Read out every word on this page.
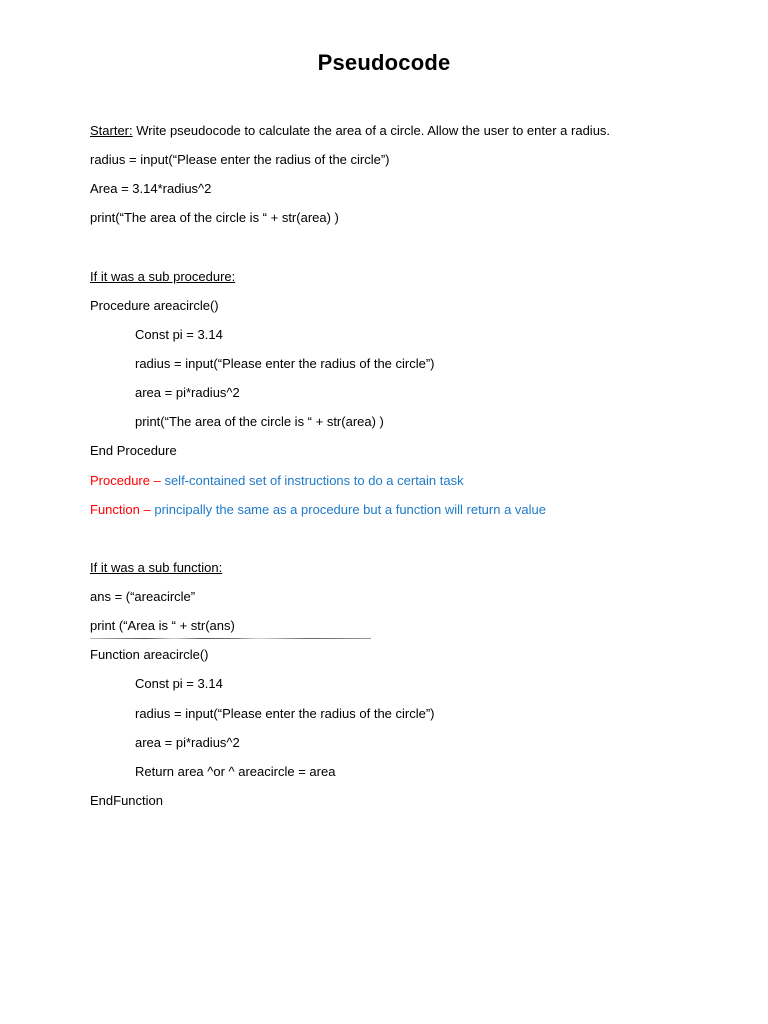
Pseudocode
Starter: Write pseudocode to calculate the area of a circle. Allow the user to enter a radius.
radius = input(“Please enter the radius of the circle”)
Area = 3.14*radius^2
print(“The area of the circle is “ + str(area) )
If it was a sub procedure:
Procedure areacircle()
Const pi = 3.14
radius = input(“Please enter the radius of the circle”)
area = pi*radius^2
print(“The area of the circle is “ + str(area) )
End Procedure
Procedure – self-contained set of instructions to do a certain task
Function – principally the same as a procedure but a function will return a value
If it was a sub function:
ans = (“areacircle”
print (“Area is “ + str(ans)
Function areacircle()
Const pi = 3.14
radius = input(“Please enter the radius of the circle”)
area = pi*radius^2
Return area ^or ^ areacircle = area
EndFunction
